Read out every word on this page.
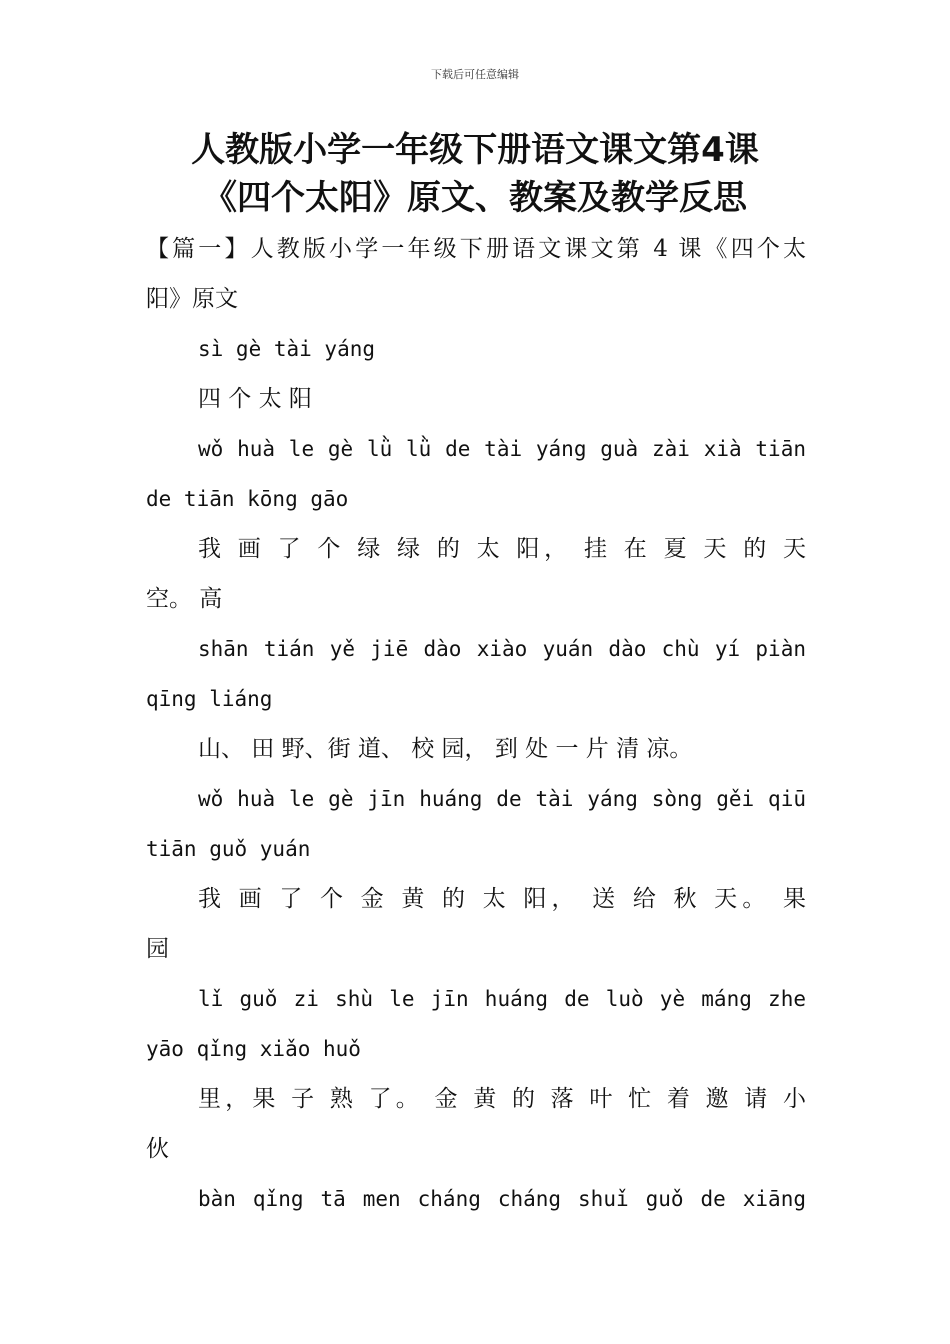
下载后可任意编辑
人教版小学一年级下册语文课文第4课
《四个太阳》原文、教案及教学反思
【篇一】人教版小学一年级下册语文课文第 4 课《四个太
阳》原文
sì gè tài yáng
四 个 太 阳
wǒ huà le gè lǜ lǜ de tài yáng guà zài xià tiān
de tiān kōng gāo
我 画 了 个 绿 绿 的 太 阳， 挂 在 夏 天 的 天
空。 高
shān tián yě jiē dào xiào yuán dào chù yí piàn
qīng liáng
山、 田 野、街 道、 校 园， 到 处 一 片 清 凉。
wǒ huà le gè jīn huáng de tài yáng sòng gěi qiū
tiān guǒ yuán
我 画 了 个 金 黄 的 太 阳， 送 给 秋 天。 果
园
lǐ guǒ zi shù le jīn huáng de luò yè máng zhe
yāo qǐng xiǎo huǒ
里，果 子 熟 了。 金 黄 的 落 叶 忙 着 邀 请 小
伙
bàn qǐng tā men cháng cháng shuǐ guǒ de xiāng
